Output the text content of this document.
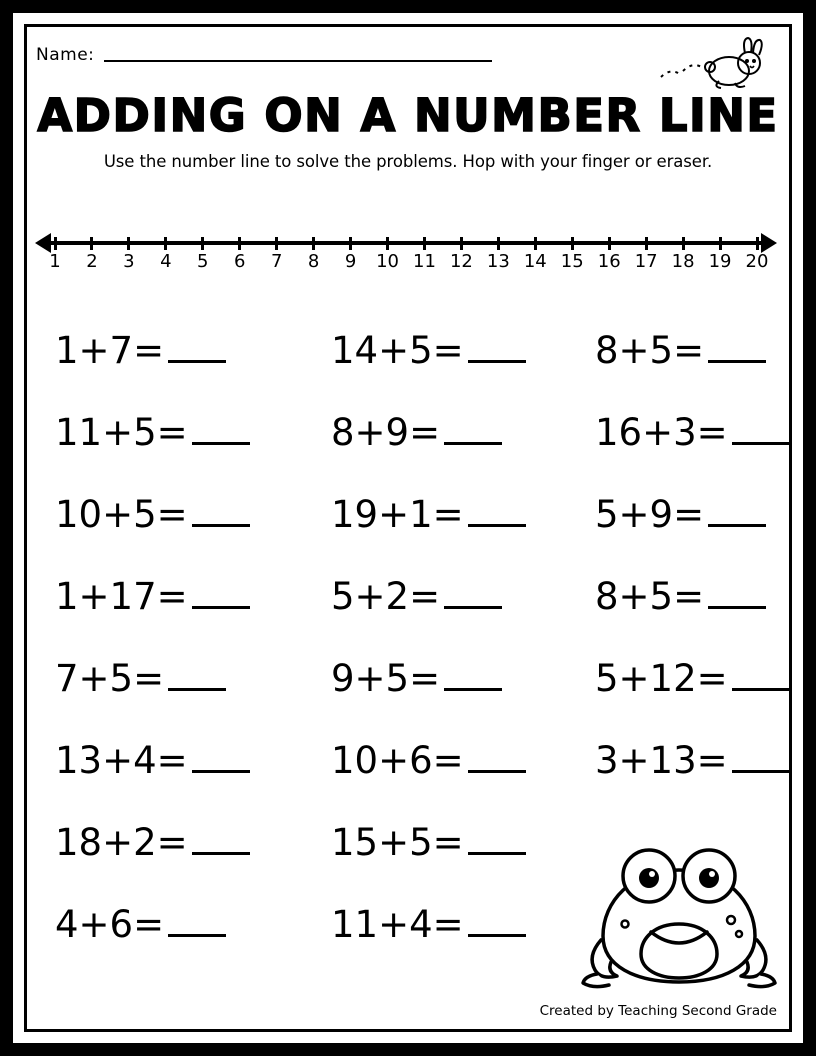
Name:
ADDING ON A NUMBER LINE
Use the number line to solve the problems. Hop with your finger or eraser.
1 2 3 4 5 6 7 8 9 10 11 12 13 14 15 16 17 18 19 20
1+7=	14+5=	8+5=
11+5=	8+9=	16+3=
10+5=	19+1=	5+9=
1+17=	5+2=	8+5=
7+5=	9+5=	5+12=
13+4=	10+6=	3+13=
18+2=	15+5=
4+6=	11+4=
Created by Teaching Second Grade
